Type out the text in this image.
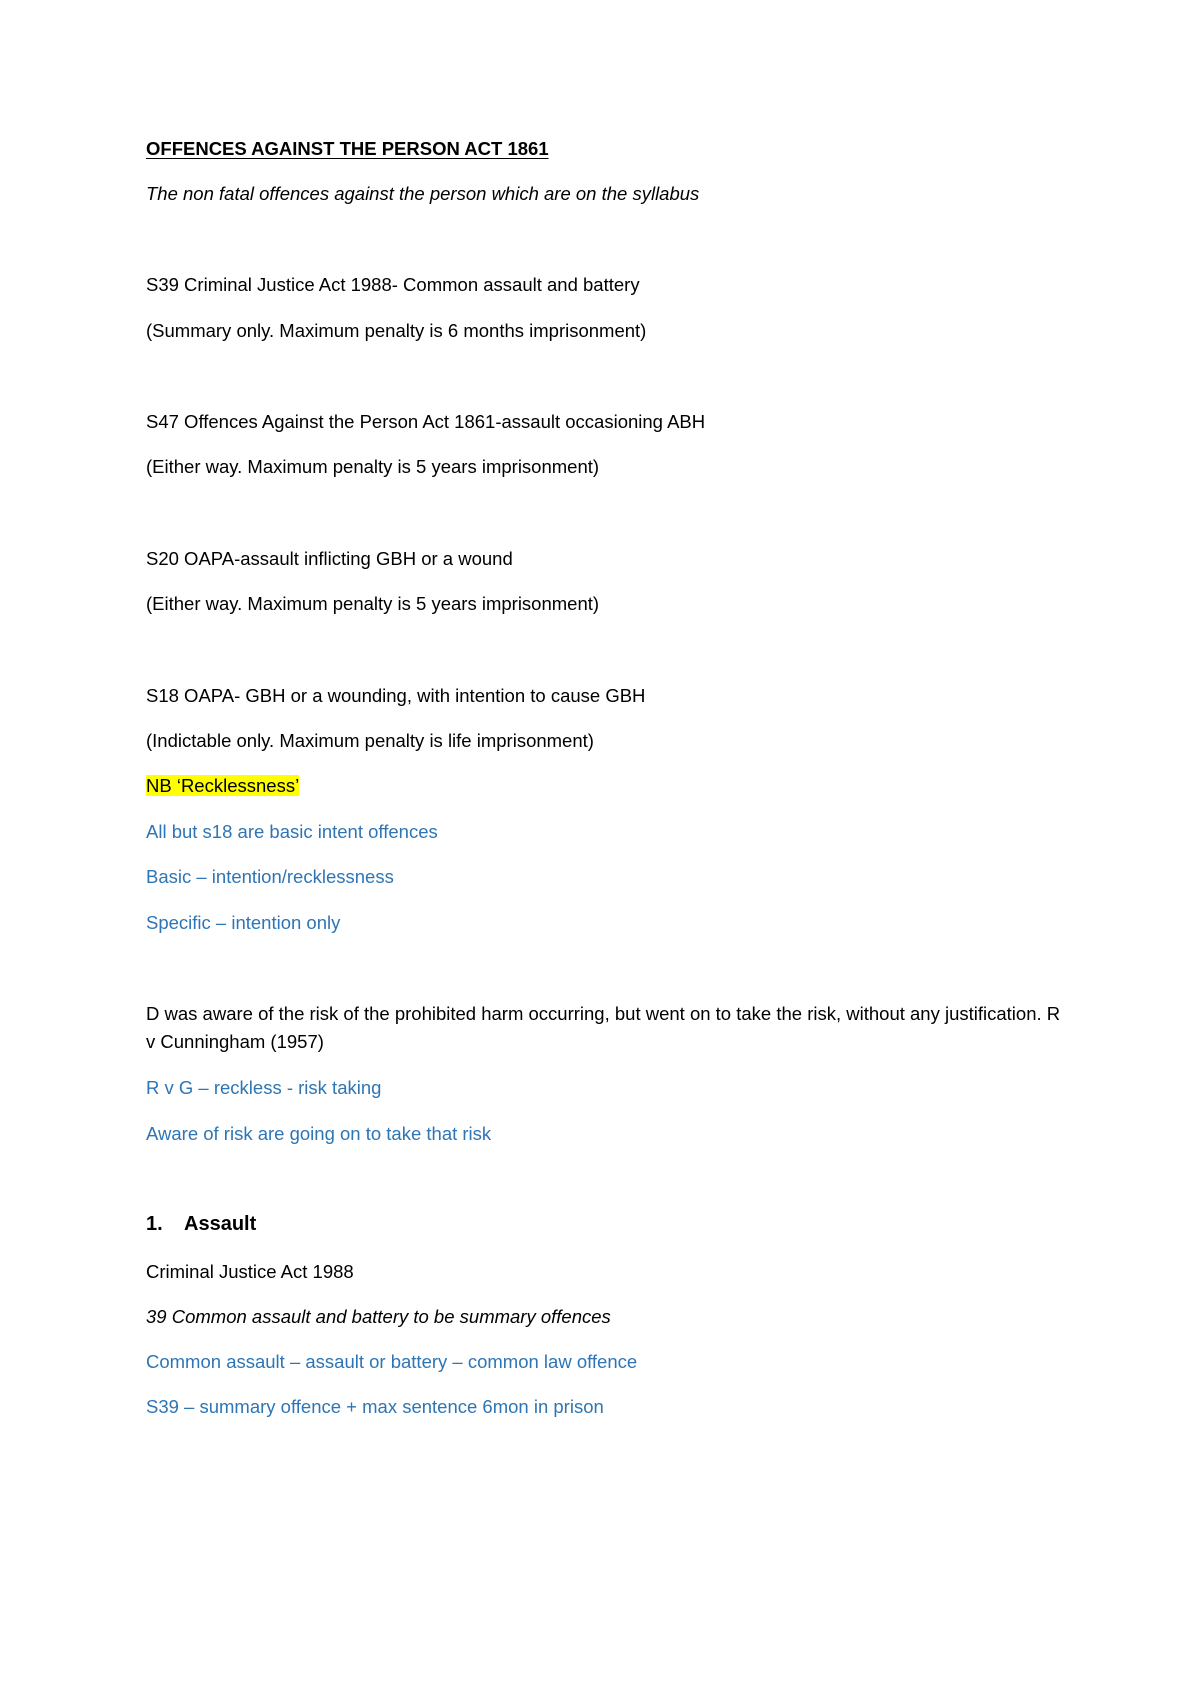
OFFENCES AGAINST THE PERSON ACT 1861
The non fatal offences against the person which are on the syllabus
S39 Criminal Justice Act 1988- Common assault and battery
(Summary only. Maximum penalty is 6 months imprisonment)
S47 Offences Against the Person Act 1861-assault occasioning ABH
(Either way. Maximum penalty is 5 years imprisonment)
S20 OAPA-assault inflicting GBH or a wound
(Either way. Maximum penalty is 5 years imprisonment)
S18 OAPA- GBH or a wounding, with intention to cause GBH
(Indictable only. Maximum penalty is life imprisonment)
NB ‘Recklessness’
All but s18 are basic intent offences
Basic – intention/recklessness
Specific – intention only
D was aware of the risk of the prohibited harm occurring, but went on to take the risk, without any justification. R v Cunningham (1957)
R v G – reckless - risk taking
Aware of risk are going on to take that risk
1. Assault
Criminal Justice Act 1988
39 Common assault and battery to be summary offences
Common assault – assault or battery – common law offence
S39 – summary offence + max sentence 6mon in prison
